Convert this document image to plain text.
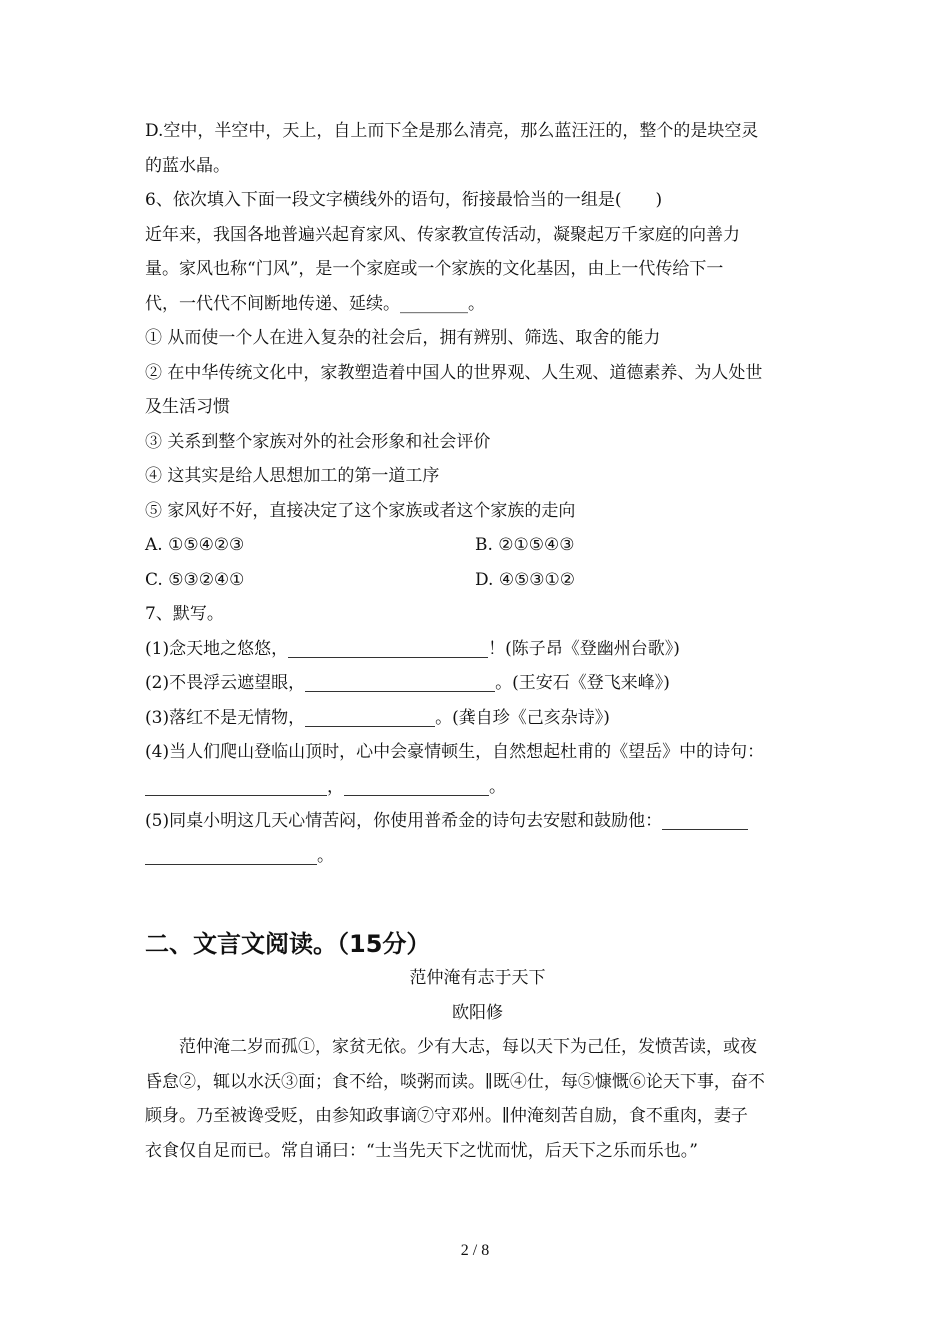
D.空中，半空中，天上，自上而下全是那么清亮，那么蓝汪汪的，整个的是块空灵
的蓝水晶。
6、依次填入下面一段文字横线外的语句，衔接最恰当的一组是(　　)
近年来，我国各地普遍兴起育家风、传家教宣传活动，凝聚起万千家庭的向善力
量。家风也称“门风”，是一个家庭或一个家族的文化基因，由上一代传给下一
代，一代代不间断地传递、延续。________。
① 从而使一个人在进入复杂的社会后，拥有辨别、筛选、取舍的能力
② 在中华传统文化中，家教塑造着中国人的世界观、人生观、道德素养、为人处世
及生活习惯
③ 关系到整个家族对外的社会形象和社会评价
④ 这其实是给人思想加工的第一道工序
⑤ 家风好不好，直接决定了这个家族或者这个家族的走向
A. ①⑤④②③	B. ②①⑤④③
C. ⑤③②④①	D. ④⑤③①②
7、默写。
(1)念天地之悠悠，	！(陈子昂《登幽州台歌》)
(2)不畏浮云遮望眼，	。(王安石《登飞来峰》)
(3)落红不是无情物，	。(龚自珍《己亥杂诗》)
(4)当人们爬山登临山顶时，心中会豪情顿生，自然想起杜甫的《望岳》中的诗句：
，	。
(5)同桌小明这几天心情苦闷，你使用普希金的诗句去安慰和鼓励他：
。
二、文言文阅读。（15分）
范仲淹有志于天下
欧阳修
范仲淹二岁而孤①，家贫无依。少有大志，每以天下为己任，发愤苦读，或夜
昏怠②，辄以水沃③面；食不给，啖粥而读。∥既④仕，每⑤慷慨⑥论天下事，奋不
顾身。乃至被谗受贬，由参知政事谪⑦守邓州。∥仲淹刻苦自励，食不重肉，妻子
衣食仅自足而已。常自诵曰：“士当先天下之忧而忧，后天下之乐而乐也。”
2 / 8
